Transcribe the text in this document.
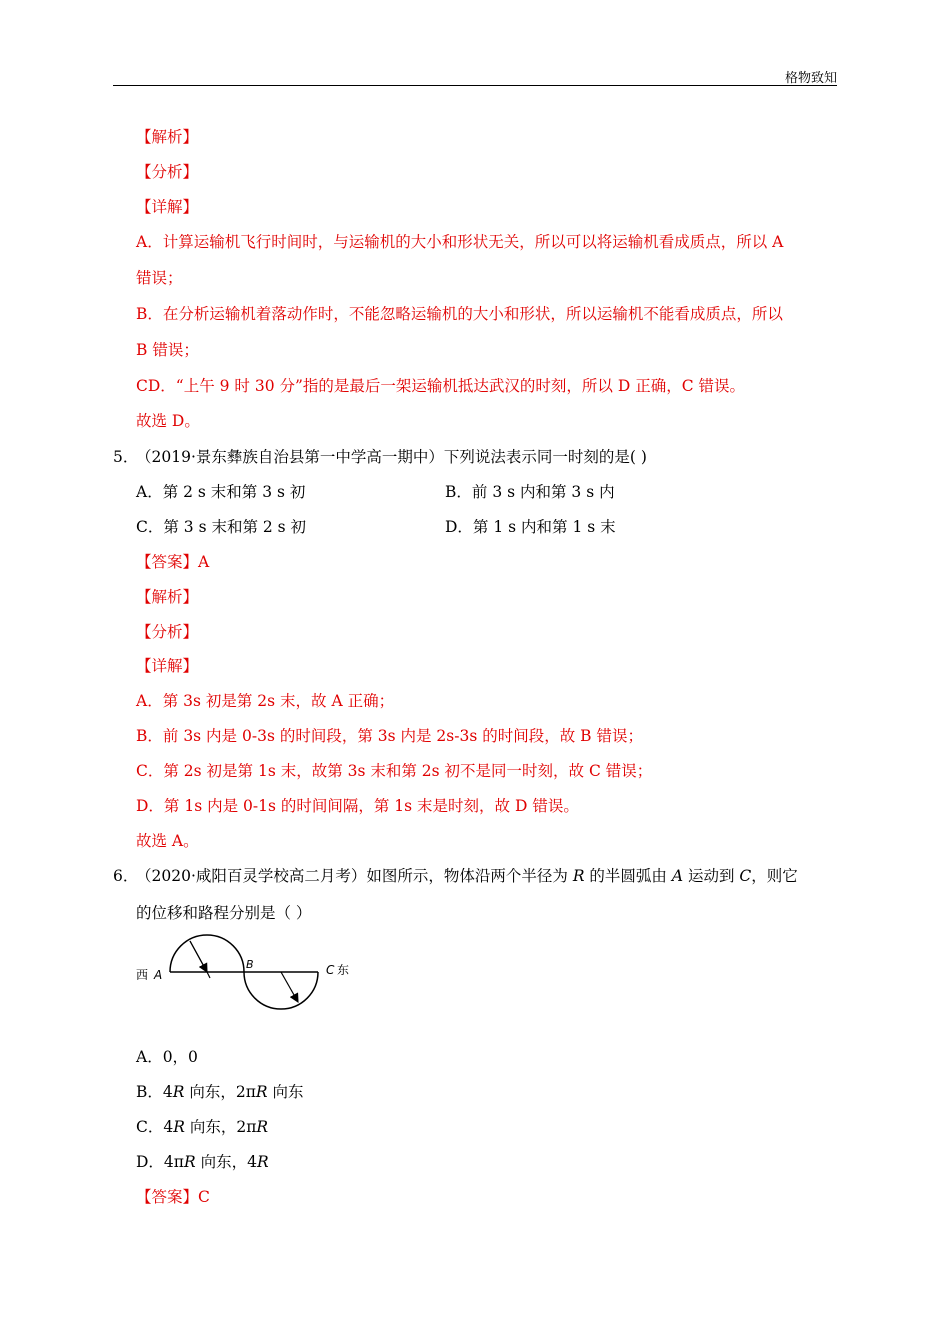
格物致知
【解析】
【分析】
【详解】
A．计算运输机飞行时间时，与运输机的大小和形状无关，所以可以将运输机看成质点，所以 A
错误；
B．在分析运输机着落动作时，不能忽略运输机的大小和形状，所以运输机不能看成质点，所以
B 错误；
CD．“上午 9 时 30 分”指的是最后一架运输机抵达武汉的时刻，所以 D 正确，C 错误。
故选 D。
5．
（2019·景东彝族自治县第一中学高一期中）下列说法表示同一时刻的是( )
A．第 2 s 末和第 3 s 初	B．前 3 s 内和第 3 s 内
C．第 3 s 末和第 2 s 初	D．第 1 s 内和第 1 s 末
【答案】A
【解析】
【分析】
【详解】
A．第 3s 初是第 2s 末，故 A 正确；
B．前 3s 内是 0-3s 的时间段，第 3s 内是 2s-3s 的时间段，故 B 错误；
C．第 2s 初是第 1s 末，故第 3s 末和第 2s 初不是同一时刻，故 C 错误；
D．第 1s 内是 0-1s 的时间间隔，第 1s 末是时刻，故 D 错误。
故选 A。
6．
（2020·咸阳百灵学校高二月考）如图所示，物体沿两个半径为 R 的半圆弧由 A 运动到 C，则它
的位移和路程分别是（ ）
西 A
B	C 东
A．0，0
B．4R 向东，2πR 向东
C．4R 向东，2πR
D．4πR 向东，4R
【答案】C
